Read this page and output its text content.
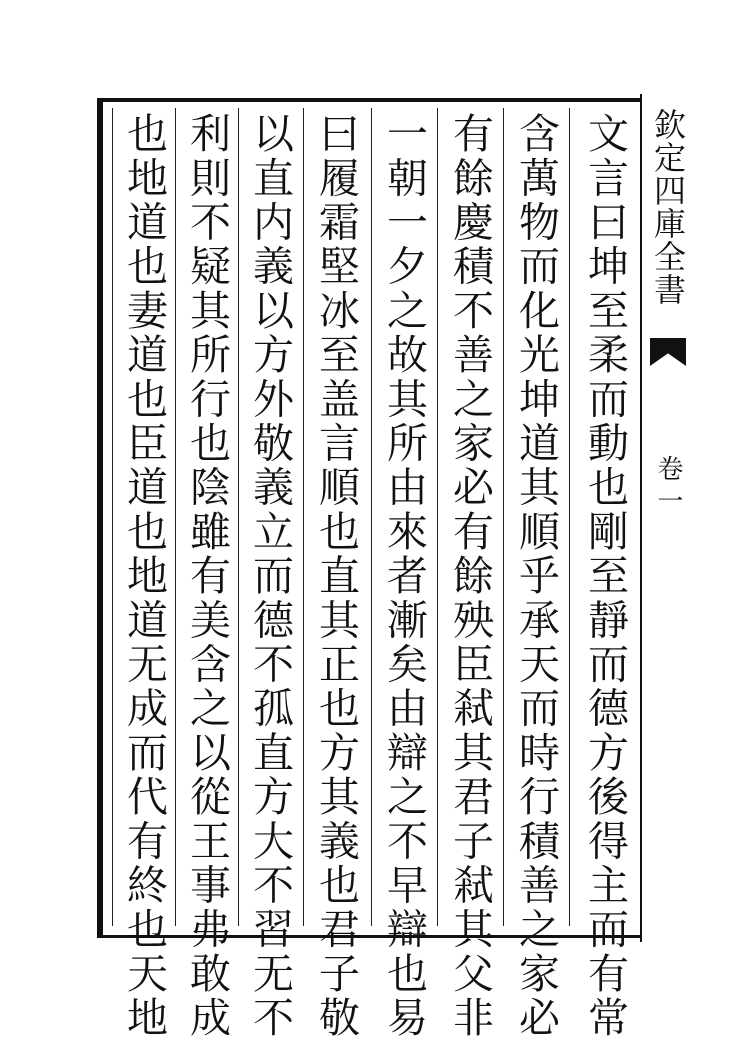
欽定四庫全書
卷一
文言曰坤至柔而動也剛至靜而德方後得主而有常
含萬物而化光坤道其順乎承天而時行積善之家必
有餘慶積不善之家必有餘殃臣弒其君子弒其父非
一朝一夕之故其所由來者漸矣由辯之不早辯也易
曰履霜堅冰至盖言順也直其正也方其義也君子敬
以直内義以方外敬義立而德不孤直方大不習无不
利則不疑其所行也陰雖有美含之以從王事弗敢成
也地道也妻道也臣道也地道无成而代有終也天地
